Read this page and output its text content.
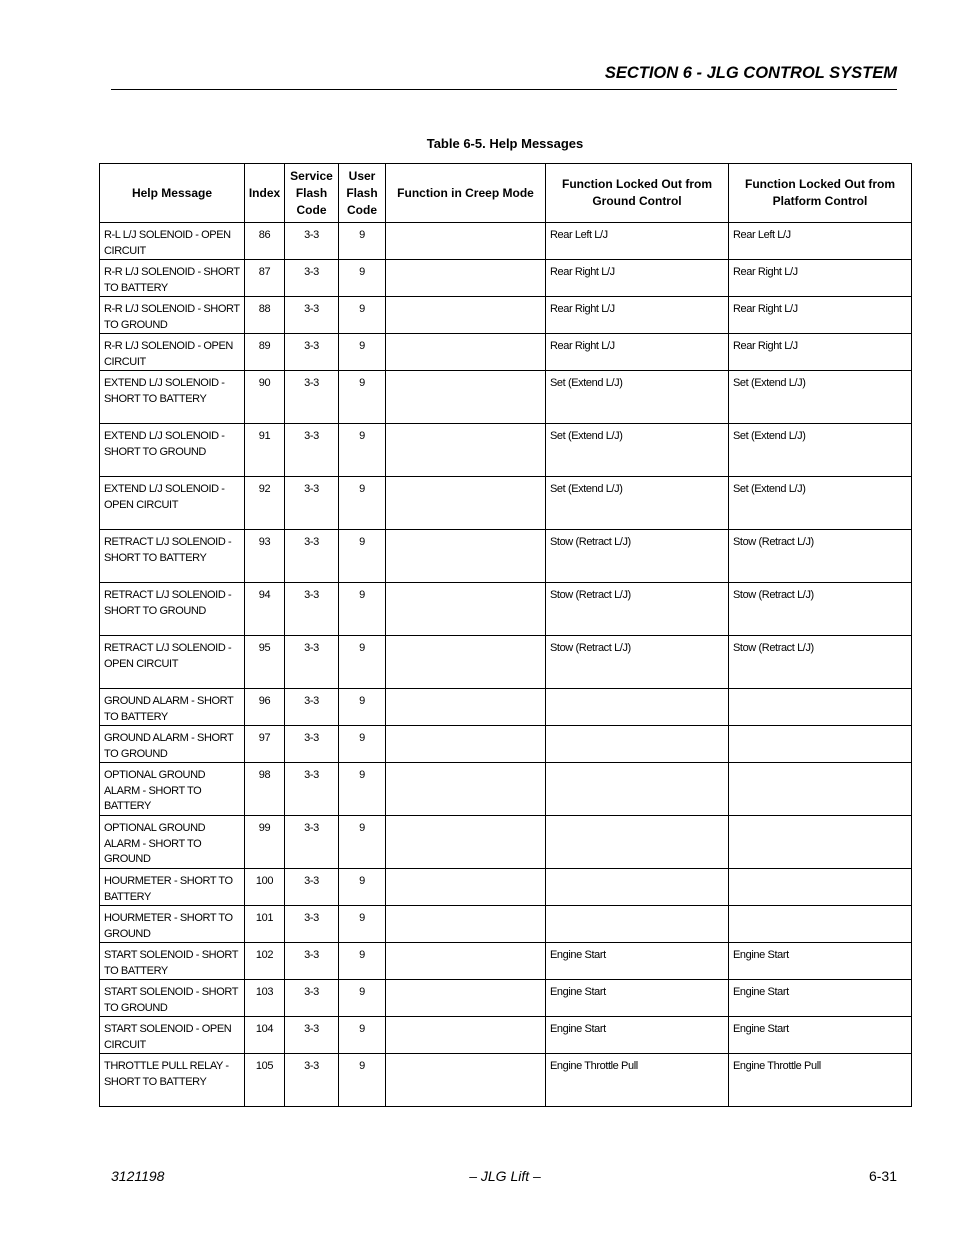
SECTION 6 - JLG CONTROL SYSTEM
Table 6-5. Help Messages
Help Message	Index	Service Flash Code	User Flash Code	Function in Creep Mode	Function Locked Out from Ground Control	Function Locked Out from Platform Control
R-L L/J SOLENOID - OPEN CIRCUIT	86	3-3	9		Rear Left L/J	Rear Left L/J
R-R L/J SOLENOID - SHORT TO BATTERY	87	3-3	9		Rear Right L/J	Rear Right L/J
R-R L/J SOLENOID - SHORT TO GROUND	88	3-3	9		Rear Right L/J	Rear Right L/J
R-R L/J SOLENOID - OPEN CIRCUIT	89	3-3	9		Rear Right L/J	Rear Right L/J
EXTEND L/J SOLENOID - SHORT TO BATTERY	90	3-3	9		Set (Extend L/J)	Set (Extend L/J)
EXTEND L/J SOLENOID - SHORT TO GROUND	91	3-3	9		Set (Extend L/J)	Set (Extend L/J)
EXTEND L/J SOLENOID - OPEN CIRCUIT	92	3-3	9		Set (Extend L/J)	Set (Extend L/J)
RETRACT L/J SOLENOID - SHORT TO BATTERY	93	3-3	9		Stow (Retract L/J)	Stow (Retract L/J)
RETRACT L/J SOLENOID - SHORT TO GROUND	94	3-3	9		Stow (Retract L/J)	Stow (Retract L/J)
RETRACT L/J SOLENOID - OPEN CIRCUIT	95	3-3	9		Stow (Retract L/J)	Stow (Retract L/J)
GROUND ALARM - SHORT TO BATTERY	96	3-3	9			
GROUND ALARM - SHORT TO GROUND	97	3-3	9			
OPTIONAL GROUND ALARM - SHORT TO BATTERY	98	3-3	9			
OPTIONAL GROUND ALARM - SHORT TO GROUND	99	3-3	9			
HOURMETER - SHORT TO BATTERY	100	3-3	9			
HOURMETER - SHORT TO GROUND	101	3-3	9			
START SOLENOID - SHORT TO BATTERY	102	3-3	9		Engine Start	Engine Start
START SOLENOID - SHORT TO GROUND	103	3-3	9		Engine Start	Engine Start
START SOLENOID - OPEN CIRCUIT	104	3-3	9		Engine Start	Engine Start
THROTTLE PULL RELAY - SHORT TO BATTERY	105	3-3	9		Engine Throttle Pull	Engine Throttle Pull
3121198	– JLG Lift –	6-31
